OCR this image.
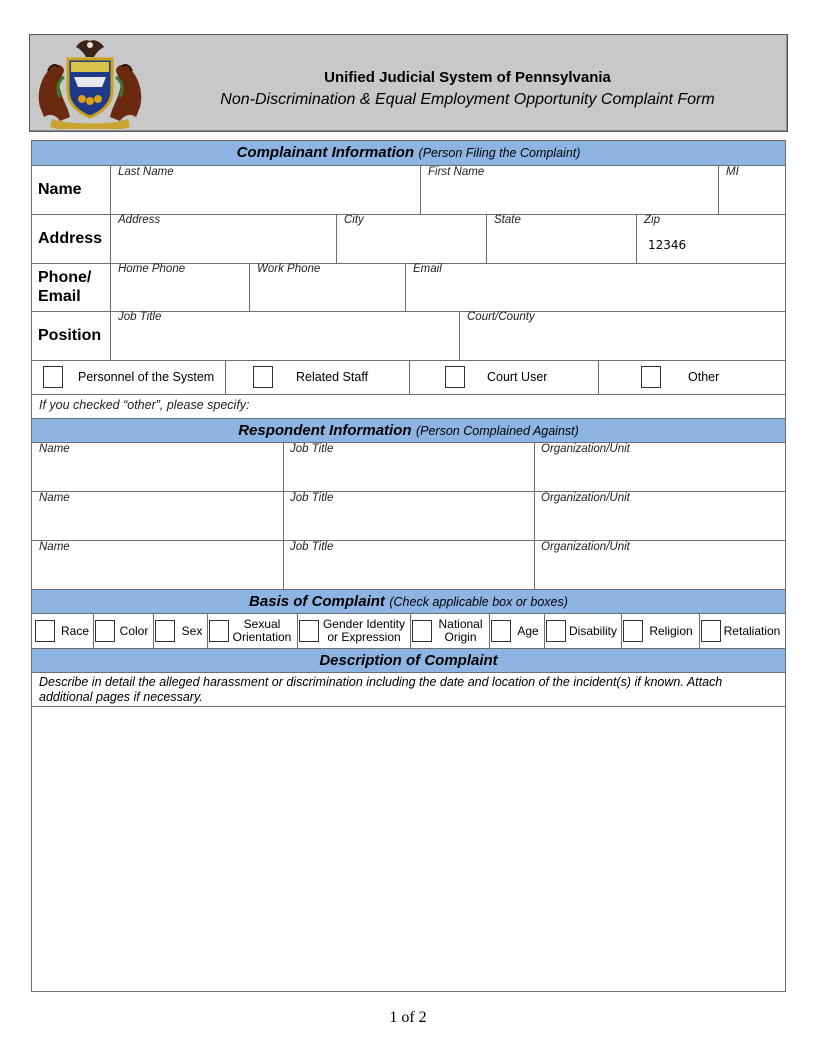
Unified Judicial System of Pennsylvania
Non-Discrimination & Equal Employment Opportunity Complaint Form
Complainant Information (Person Filing the Complaint)
Name
Last Name	First Name	MI
Address
Address	City	State	Zip
12346
Phone/
Email
Home Phone	Work Phone	Email
Position
Job Title	Court/County
Personnel of the System	Related Staff	Court User	Other
If you checked “other”, please specify:
Respondent Information (Person Complained Against)
Name	Job Title	Organization/Unit
Name	Job Title	Organization/Unit
Name	Job Title	Organization/Unit
Basis of Complaint (Check applicable box or boxes)
Race	Color	Sex	Sexual
Orientation
Gender Identity
or Expression
National
Origin	Age	Disability	Religion	Retaliation
Description of Complaint
Describe in detail the alleged harassment or discrimination including the date and location of the incident(s) if known. Attach additional pages if necessary.
1 of 2
